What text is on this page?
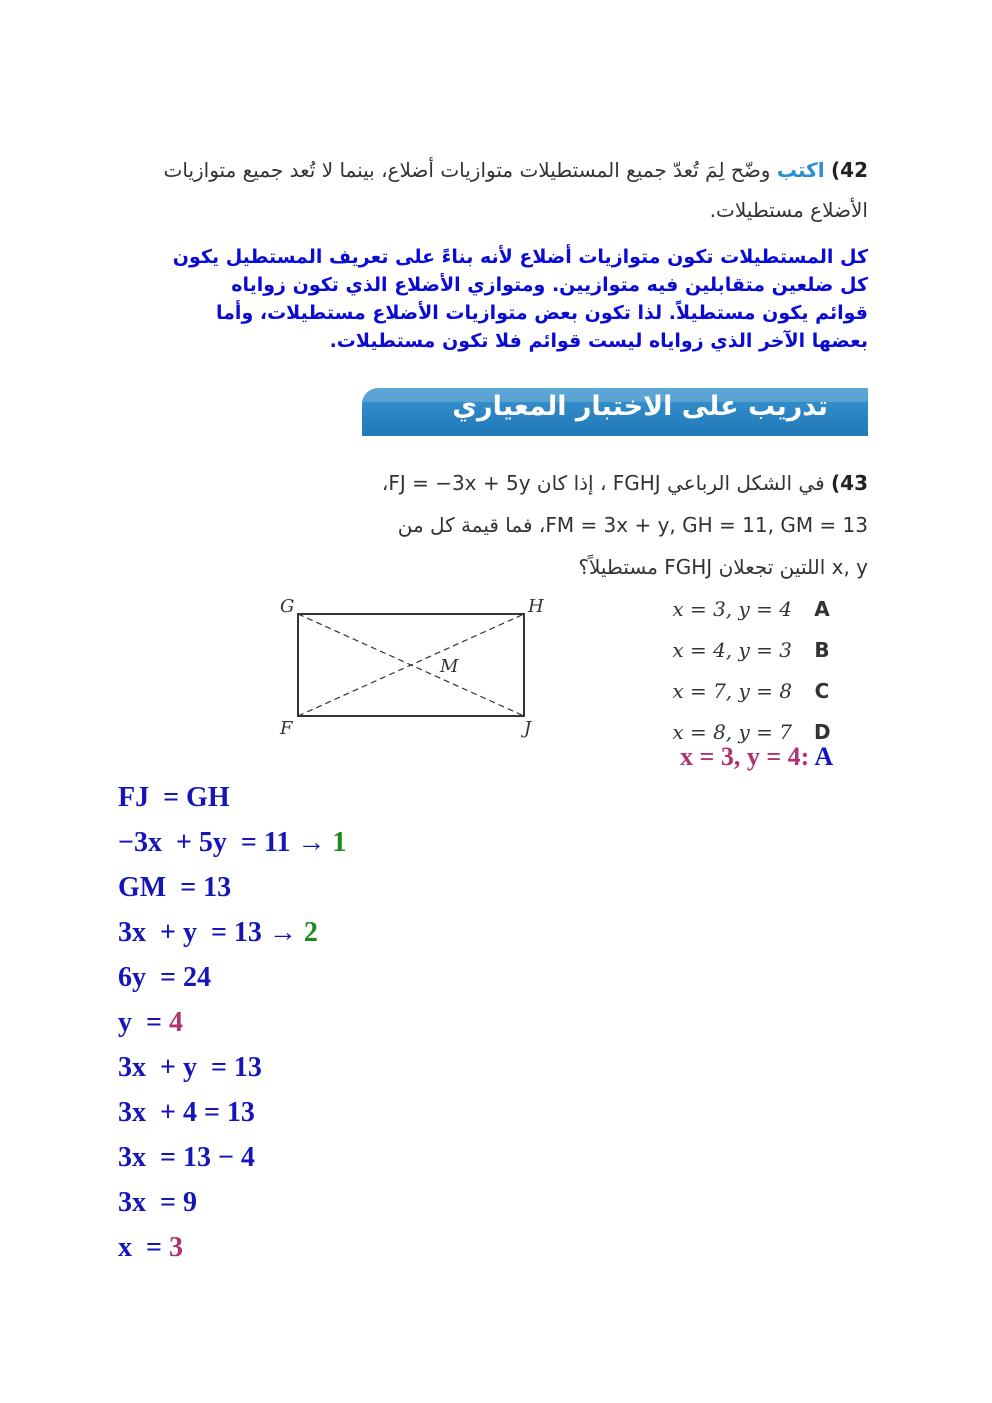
42) اكتب وضّح لِمَ تُعدّ جميع المستطيلات متوازيات أضلاع، بينما لا تُعد جميع متوازيات الأضلاع مستطيلات.
كل المستطيلات تكون متوازيات أضلاع لأنه بناءً على تعريف المستطيل يكون
كل ضلعين متقابلين فيه متوازيين. ومتوازي الأضلاع الذي تكون زواياه
قوائم يكون مستطيلاً. لذا تكون بعض متوازيات الأضلاع مستطيلات، وأما
بعضها الآخر الذي زواياه ليست قوائم فلا تكون مستطيلات.
تدريب على الاختبار المعياري
43) في الشكل الرباعي FGHJ ، إذا كان FJ = −3x + 5y،
FM = 3x + y, GH = 11, GM = 13، فما قيمة كل من
x, y اللتين تجعلان FGHJ مستطيلاً؟
G	H
F	J
M
x = 3, y = 4 A
x = 4, y = 3 B
x = 7, y = 8 C
x = 8, y = 7 D
x = 3, y = 4: A
FJ  = GH
−3x  + 5y  = 11 → 1
GM  = 13
3x  + y  = 13 → 2
6y  = 24
y  = 4
3x  + y  = 13
3x  + 4 = 13
3x  = 13 − 4
3x  = 9
x  = 3
